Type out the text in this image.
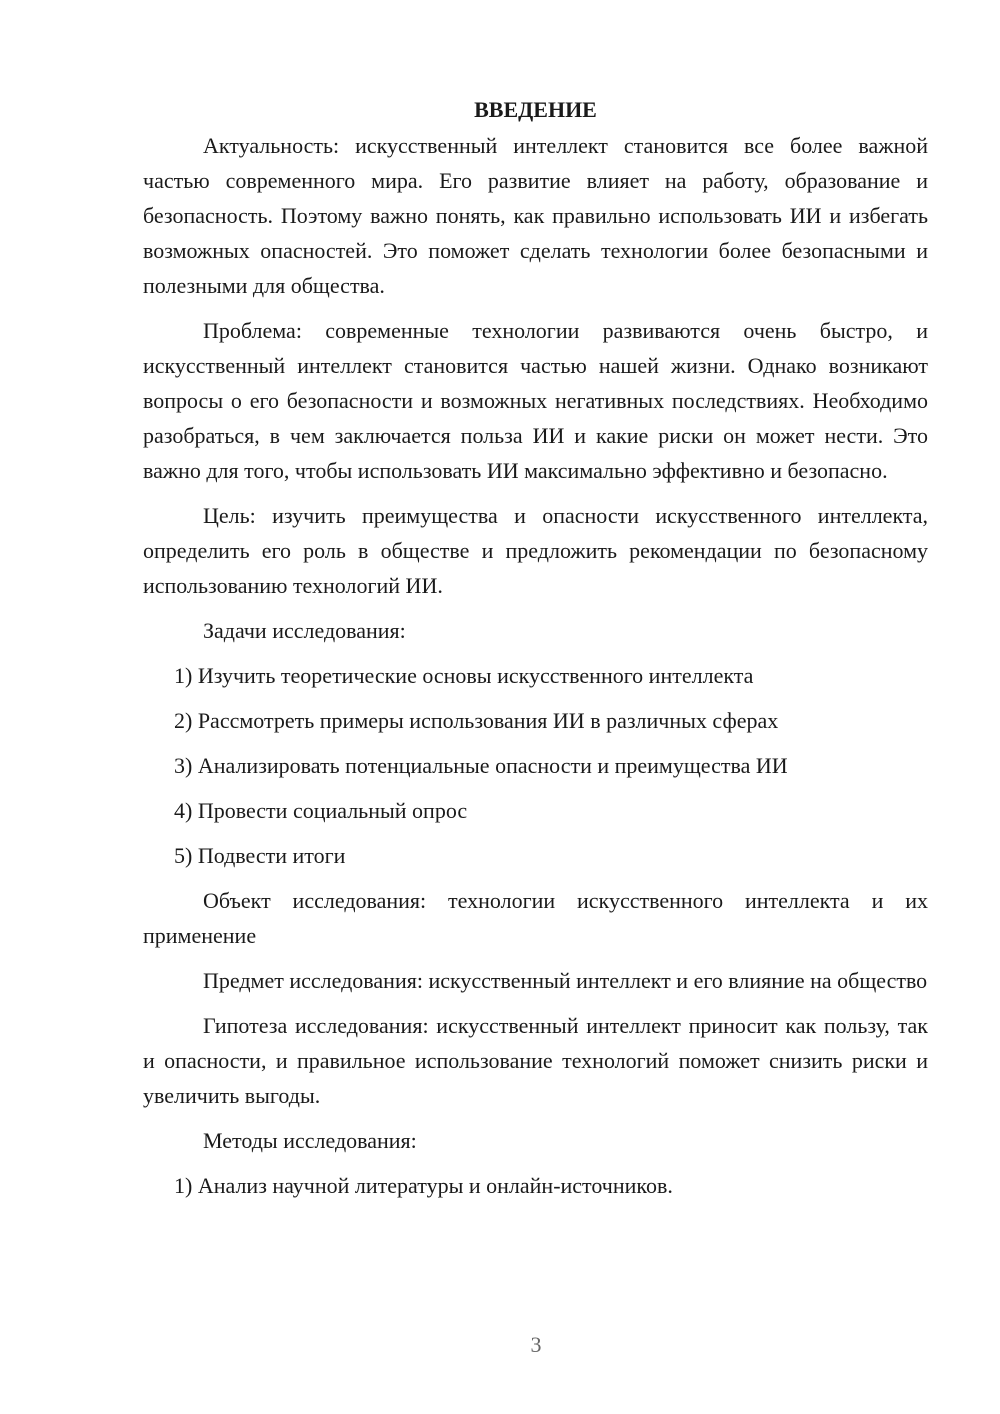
ВВЕДЕНИЕ

Актуальность: искусственный интеллект становится все более важной частью современного мира. Его развитие влияет на работу, образование и безопасность. Поэтому важно понять, как правильно использовать ИИ и избегать возможных опасностей. Это поможет сделать технологии более безопасными и полезными для общества.

Проблема: современные технологии развиваются очень быстро, и искусственный интеллект становится частью нашей жизни. Однако возникают вопросы о его безопасности и возможных негативных последствиях. Необходимо разобраться, в чем заключается польза ИИ и какие риски он может нести. Это важно для того, чтобы использовать ИИ максимально эффективно и безопасно.

Цель: изучить преимущества и опасности искусственного интеллекта, определить его роль в обществе и предложить рекомендации по безопасному использованию технологий ИИ.

Задачи исследования:

1) Изучить теоретические основы искусственного интеллекта
2) Рассмотреть примеры использования ИИ в различных сферах
3) Анализировать потенциальные опасности и преимущества ИИ
4) Провести социальный опрос
5) Подвести итоги

Объект исследования: технологии искусственного интеллекта и их применение

Предмет исследования: искусственный интеллект и его влияние на общество

Гипотеза исследования: искусственный интеллект приносит как пользу, так и опасности, и правильное использование технологий поможет снизить риски и увеличить выгоды.

Методы исследования:

1) Анализ научной литературы и онлайн-источников.
3
